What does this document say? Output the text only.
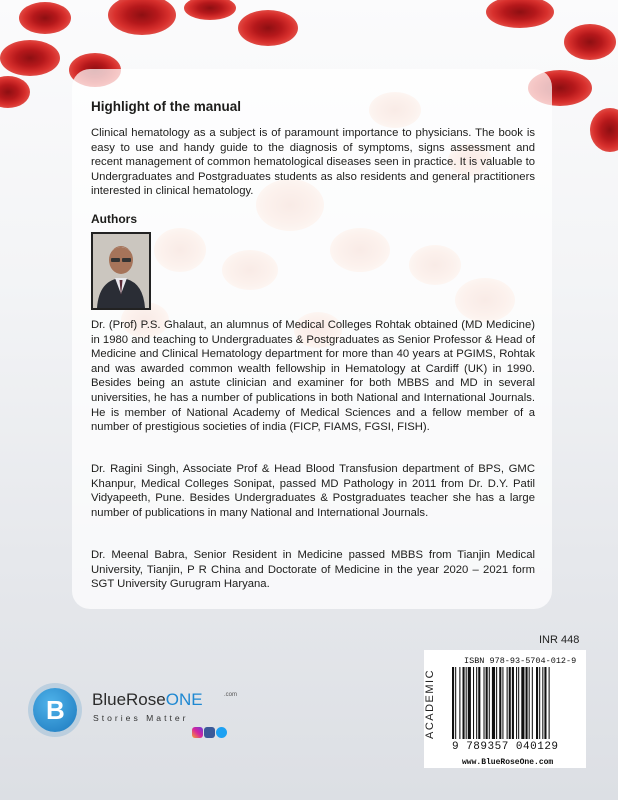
Highlight of the manual
Clinical hematology as a subject is of paramount importance to physicians. The book is easy to use and handy guide to the diagnosis of symptoms, signs assessment and recent management of common hematological diseases seen in practice. It is valuable to Undergraduates and Postgraduates students as also residents and general practitioners interested in clinical hematology.
Authors
Dr. (Prof) P.S. Ghalaut, an alumnus of Medical Colleges Rohtak obtained (MD Medicine) in 1980 and teaching to Undergraduates & Postgraduates as Senior Professor & Head of Medicine and Clinical Hematology department for more than 40 years at PGIMS, Rohtak and was awarded common wealth fellowship in Hematology at Cardiff (UK) in 1990. Besides being an astute clinician and examiner for both MBBS and MD in several universities, he has a number of publications in both National and International Journals. He is member of National Academy of Medical Sciences and a fellow member of a number of prestigious societies of india (FICP, FIAMS, FGSI, FISH).
Dr. Ragini Singh, Associate Prof & Head Blood Transfusion department of BPS, GMC Khanpur, Medical Colleges Sonipat, passed MD Pathology in 2011 from Dr. D.Y. Patil Vidyapeeth, Pune. Besides Undergraduates & Postgraduates teacher she has a large number of publications in many National and International Journals.
Dr. Meenal Babra, Senior Resident in Medicine passed MBBS from Tianjin Medical University, Tianjin, P R China and Doctorate of Medicine in the year 2020 – 2021 form SGT University Gurugram Haryana.
B BlueRoseONE	.com
Stories Matter
INR 448
ACADEMIC
ISBN 978-93-5704-012-9
9 789357 040129
www.BlueRoseOne.com
